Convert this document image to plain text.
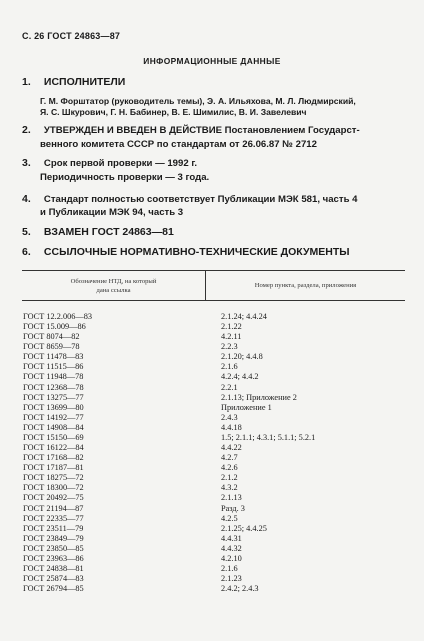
С. 26 ГОСТ 24863—87
ИНФОРМАЦИОННЫЕ ДАННЫЕ
1. ИСПОЛНИТЕЛИ
Г. М. Форштатор (руководитель темы), Э. А. Ильяхова, М. Л. Людмирский,
Я. С. Шкурович, Г. Н. Бабинер, В. Е. Шимилис, В. И. Завелевич
2. УТВЕРЖДЕН И ВВЕДЕН В ДЕЙСТВИЕ Постановлением Государст-
венного комитета СССР по стандартам от 26.06.87 № 2712
3. Срок первой проверки — 1992 г.
Периодичность проверки — 3 года.
4. Стандарт полностью соответствует Публикации МЭК 581, часть 4
и Публикации МЭК 94, часть 3
5. ВЗАМЕН ГОСТ 24863—81
6. ССЫЛОЧНЫЕ НОРМАТИВНО-ТЕХНИЧЕСКИЕ ДОКУМЕНТЫ
Обозначение НТД, на который
дана ссылка
Номер пункта, раздела, приложения
ГОСТ 12.2.006—83	2.1.24; 4.4.24
ГОСТ 15.009—86	2.1.22
ГОСТ 8074—82	4.2.11
ГОСТ 8659—78	2.2.3
ГОСТ 11478—83	2.1.20; 4.4.8
ГОСТ 11515—86	2.1.6
ГОСТ 11948—78	4.2.4; 4.4.2
ГОСТ 12368—78	2.2.1
ГОСТ 13275—77	2.1.13; Приложение 2
ГОСТ 13699—80	Приложение 1
ГОСТ 14192—77	2.4.3
ГОСТ 14908—84	4.4.18
ГОСТ 15150—69	1.5; 2.1.1; 4.3.1; 5.1.1; 5.2.1
ГОСТ 16122—84	4.4.22
ГОСТ 17168—82	4.2.7
ГОСТ 17187—81	4.2.6
ГОСТ 18275—72	2.1.2
ГОСТ 18300—72	4.3.2
ГОСТ 20492—75	2.1.13
ГОСТ 21194—87	Разд. 3
ГОСТ 22335—77	4.2.5
ГОСТ 23511—79	2.1.25; 4.4.25
ГОСТ 23849—79	4.4.31
ГОСТ 23850—85	4.4.32
ГОСТ 23963—86	4.2.10
ГОСТ 24838—81	2.1.6
ГОСТ 25874—83	2.1.23
ГОСТ 26794—85	2.4.2; 2.4.3
